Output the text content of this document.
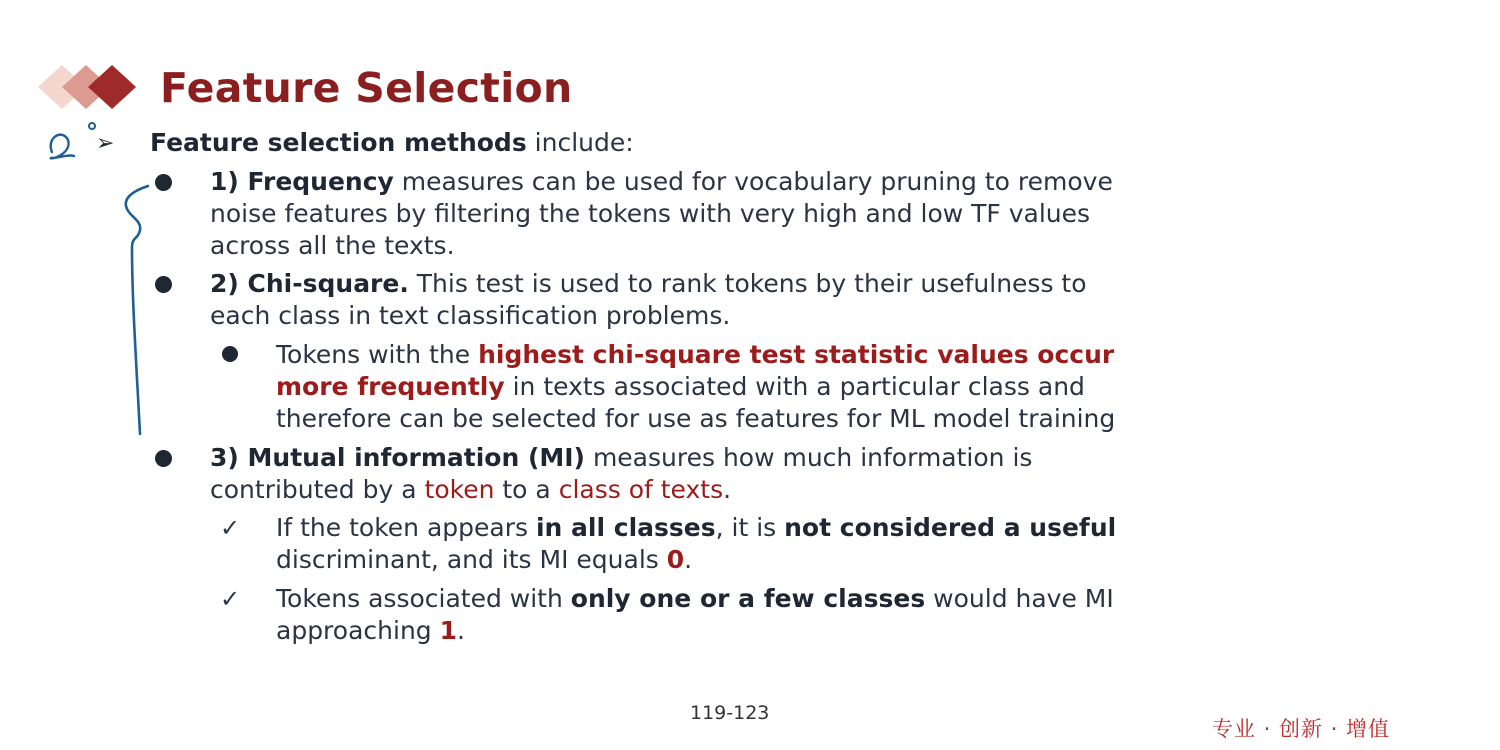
Feature Selection
➢ Feature selection methods include:
1) Frequency measures can be used for vocabulary pruning to remove
noise features by filtering the tokens with very high and low TF values
across all the texts.
2) Chi-square. This test is used to rank tokens by their usefulness to
each class in text classification problems.
Tokens with the highest chi-square test statistic values occur
more frequently in texts associated with a particular class and
therefore can be selected for use as features for ML model training
3) Mutual information (MI) measures how much information is
contributed by a token to a class of texts.
✓ If the token appears in all classes, it is not considered a useful
discriminant, and its MI equals 0.
✓ Tokens associated with only one or a few classes would have MI
approaching 1.
119-123
专业 · 创新 · 增值
